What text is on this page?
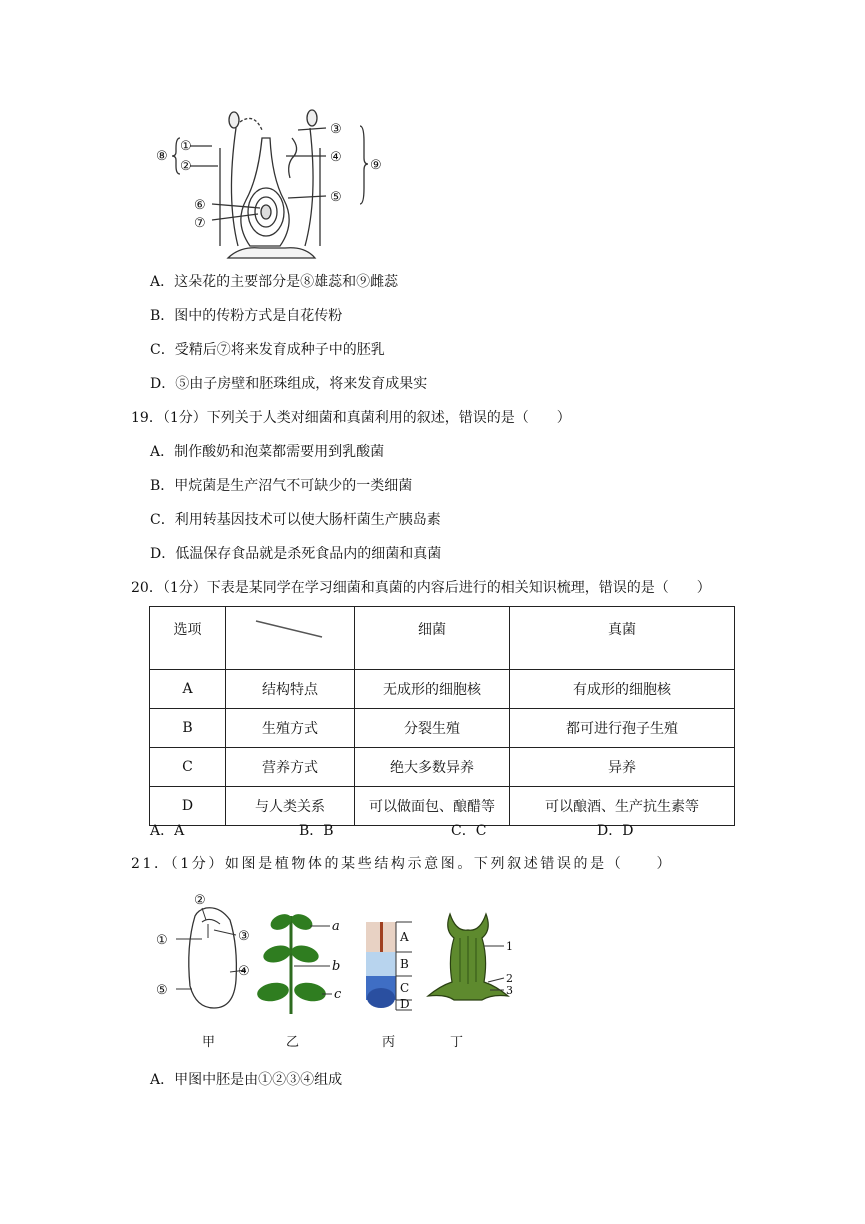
①
②
③
④
⑤
⑥
⑦
⑧
⑨
A．这朵花的主要部分是⑧雄蕊和⑨雌蕊
B．图中的传粉方式是自花传粉
C．受精后⑦将来发育成种子中的胚乳
D．⑤由子房壁和胚珠组成，将来发育成果实
19．（1分）下列关于人类对细菌和真菌利用的叙述，错误的是（　　）
A．制作酸奶和泡菜都需要用到乳酸菌
B．甲烷菌是生产沼气不可缺少的一类细菌
C．利用转基因技术可以使大肠杆菌生产胰岛素
D．低温保存食品就是杀死食品内的细菌和真菌
20．（1分）下表是某同学在学习细菌和真菌的内容后进行的相关知识梳理，错误的是（　　）
选项		细菌	真菌
A	结构特点	无成形的细胞核	有成形的细胞核
B	生殖方式	分裂生殖	都可进行孢子生殖
C	营养方式	绝大多数异养	异养
D	与人类关系	可以做面包、酿醋等	可以酿酒、生产抗生素等
A．A	B．B	C．C	D．D
21．（1分）如图是植物体的某些结构示意图。下列叙述错误的是（　　）
①
②
③
④
⑤
a
b
c
A
B
C
D
1
2
3
甲	乙	丙	丁
A．甲图中胚是由①②③④组成
